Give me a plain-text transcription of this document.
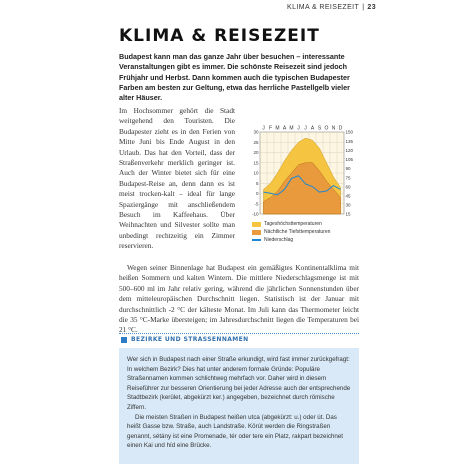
KLIMA & REISEZEIT | 23
KLIMA & REISEZEIT
Budapest kann man das ganze Jahr über besuchen – interessante Veranstaltungen gibt es immer. Die schönste Reisezeit sind jedoch Frühjahr und Herbst. Dann kommen auch die typischen Budapester Farben am besten zur Geltung, etwa das herrliche Pastellgelb vieler alter Häuser.
Im Hochsommer gehört die Stadt weitgehend den Touristen. Die Budapester zieht es in den Ferien von Mitte Juni bis Ende August in den Urlaub. Das hat den Vorteil, dass der Straßenverkehr merklich geringer ist. Auch der Winter bietet sich für eine Budapest-Reise an, denn dann es ist meist trocken-kalt – ideal für lange Spaziergänge mit anschließendem Besuch im Kaffeehaus. Über Weihnachten und Silvester sollte man unbedingt rechtzeitig ein Zimmer reservieren.
J F M A M J J A S O N D
30
25
20
15
10
5
0
-5
-10
150
135
120
105
90
75
60
45
30
15
Tageshöchsttemperaturen
Nächtliche Tiefsttemperaturen
Niederschlag
Wegen seiner Binnenlage hat Budapest ein gemäßigtes Kontinentalklima mit heißen Sommern und kalten Wintern. Die mittlere Niederschlagsmenge ist mit 500–600 ml im Jahr relativ gering, während die jährlichen Sonnenstunden über dem mitteleuropäischen Durchschnitt liegen. Statistisch ist der Januar mit durchschnittlich -2 °C der kälteste Monat. Im Juli kann das Thermometer leicht die 35 °C-Marke übersteigen; im Jahresdurchschnitt liegen die Temperaturen bei 21 °C.
BEZIRKE UND STRASSENNAMEN

Wer sich in Budapest nach einer Straße erkundigt, wird fast immer zurückgefragt: In welchem Bezirk? Dies hat unter anderem formale Gründe: Populäre Straßennamen kommen schlichtweg mehrfach vor. Daher wird in diesem Reiseführer zur besseren Orientierung bei jeder Adresse auch der entsprechende Stadtbezirk (kerület, abgekürzt ker.) angegeben, bezeichnet durch römische Ziffern.

Die meisten Straßen in Budapest heißen utca (abgekürzt: u.) oder út. Das heißt Gasse bzw. Straße, auch Landstraße. Körút werden die Ringstraßen genannt, sétány ist eine Promenade, tér oder tere ein Platz, rakpart bezeichnet einen Kai und híd eine Brücke.
